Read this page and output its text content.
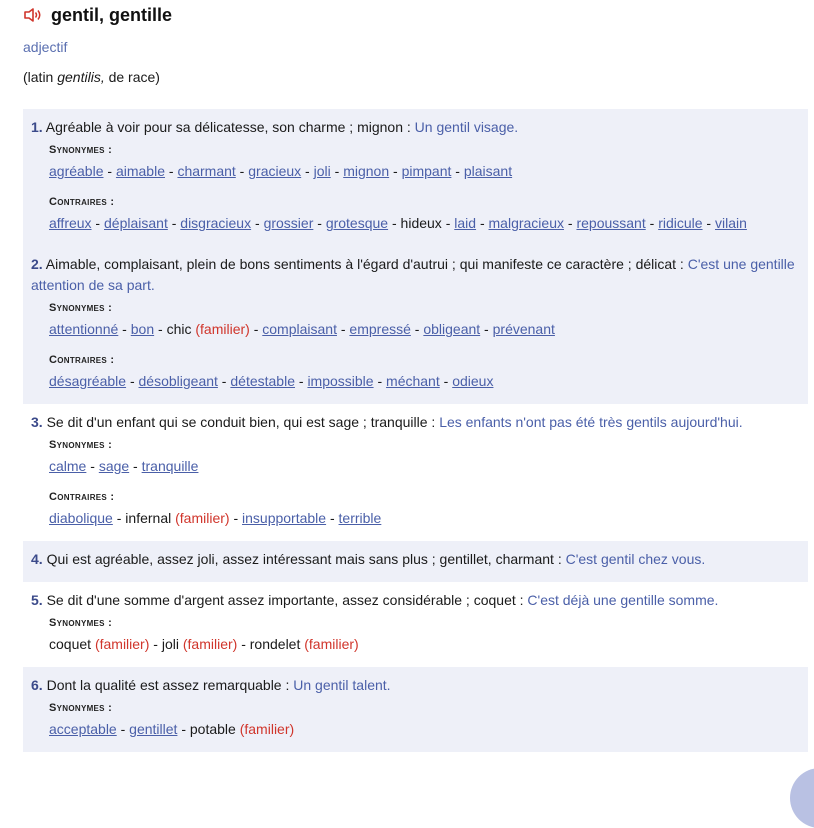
gentil, gentille
adjectif
(latin gentilis, de race)
1. Agréable à voir pour sa délicatesse, son charme ; mignon : Un gentil visage.
Synonymes :
agréable - aimable - charmant - gracieux - joli - mignon - pimpant - plaisant
Contraires :
affreux - déplaisant - disgracieux - grossier - grotesque - hideux - laid - malgracieux - repoussant - ridicule - vilain
2. Aimable, complaisant, plein de bons sentiments à l'égard d'autrui ; qui manifeste ce caractère ; délicat : C'est une gentille attention de sa part.
Synonymes :
attentionné - bon - chic (familier) - complaisant - empressé - obligeant - prévenant
Contraires :
désagréable - désobligeant - détestable - impossible - méchant - odieux
3. Se dit d'un enfant qui se conduit bien, qui est sage ; tranquille : Les enfants n'ont pas été très gentils aujourd'hui.
Synonymes :
calme - sage - tranquille
Contraires :
diabolique - infernal (familier) - insupportable - terrible
4. Qui est agréable, assez joli, assez intéressant mais sans plus ; gentillet, charmant : C'est gentil chez vous.
5. Se dit d'une somme d'argent assez importante, assez considérable ; coquet : C'est déjà une gentille somme.
Synonymes :
coquet (familier) - joli (familier) - rondelet (familier)
6. Dont la qualité est assez remarquable : Un gentil talent.
Synonymes :
acceptable - gentillet - potable (familier)
